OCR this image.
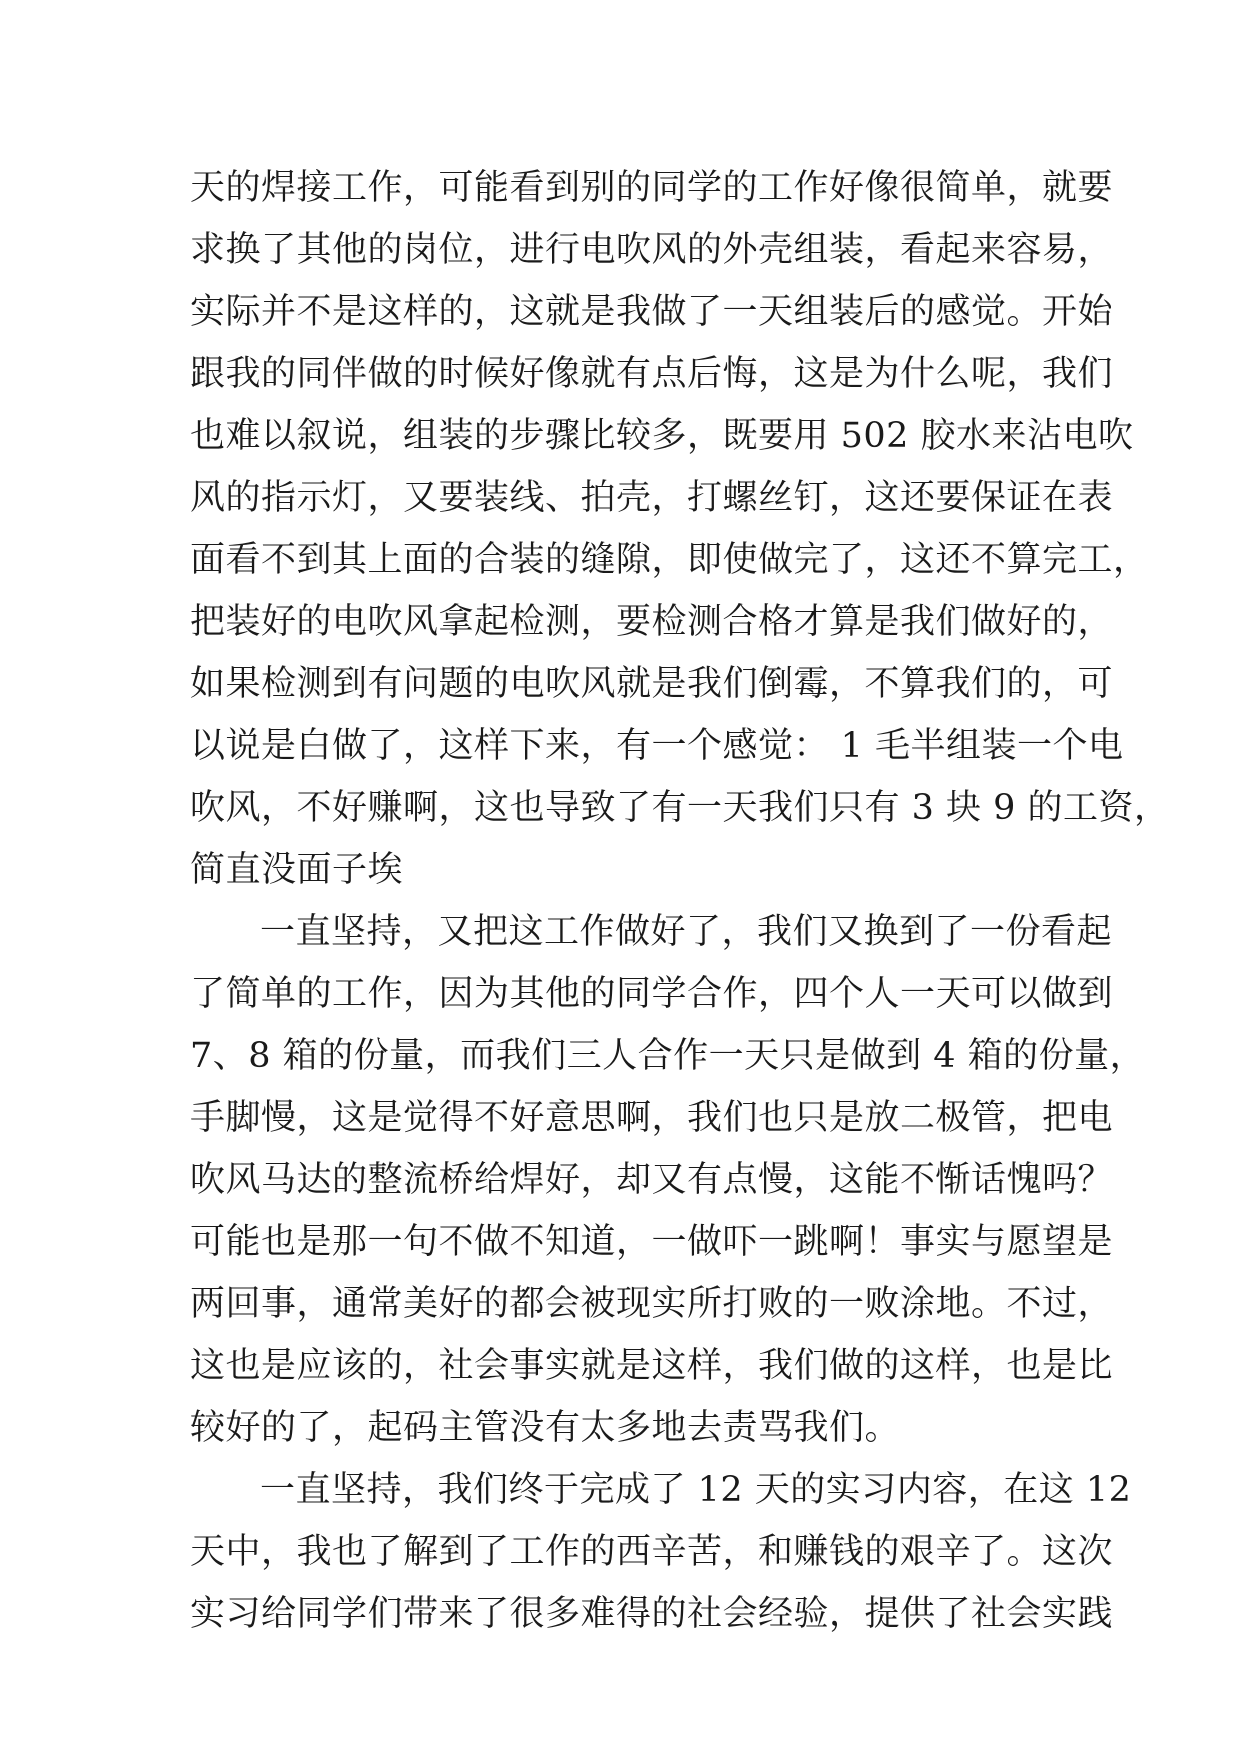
天的焊接工作，可能看到别的同学的工作好像很简单，就要
求换了其他的岗位，进行电吹风的外壳组装，看起来容易，
实际并不是这样的，这就是我做了一天组装后的感觉。开始
跟我的同伴做的时候好像就有点后悔，这是为什么呢，我们
也难以叙说，组装的步骤比较多，既要用 502 胶水来沾电吹
风的指示灯，又要装线、拍壳，打螺丝钉，这还要保证在表
面看不到其上面的合装的缝隙，即使做完了，这还不算完工，
把装好的电吹风拿起检测，要检测合格才算是我们做好的，
如果检测到有问题的电吹风就是我们倒霉，不算我们的，可
以说是白做了，这样下来，有一个感觉： 1 毛半组装一个电
吹风，不好赚啊，这也导致了有一天我们只有 3 块 9 的工资，
简直没面子埃
一直坚持，又把这工作做好了，我们又换到了一份看起
了简单的工作，因为其他的同学合作，四个人一天可以做到
7、8 箱的份量，而我们三人合作一天只是做到 4 箱的份量，
手脚慢，这是觉得不好意思啊，我们也只是放二极管，把电
吹风马达的整流桥给焊好，却又有点慢，这能不惭话愧吗？
可能也是那一句不做不知道，一做吓一跳啊！事实与愿望是
两回事，通常美好的都会被现实所打败的一败涂地。不过，
这也是应该的，社会事实就是这样，我们做的这样，也是比
较好的了，起码主管没有太多地去责骂我们。
一直坚持，我们终于完成了 12 天的实习内容，在这 12
天中，我也了解到了工作的西辛苦，和赚钱的艰辛了。这次
实习给同学们带来了很多难得的社会经验，提供了社会实践
